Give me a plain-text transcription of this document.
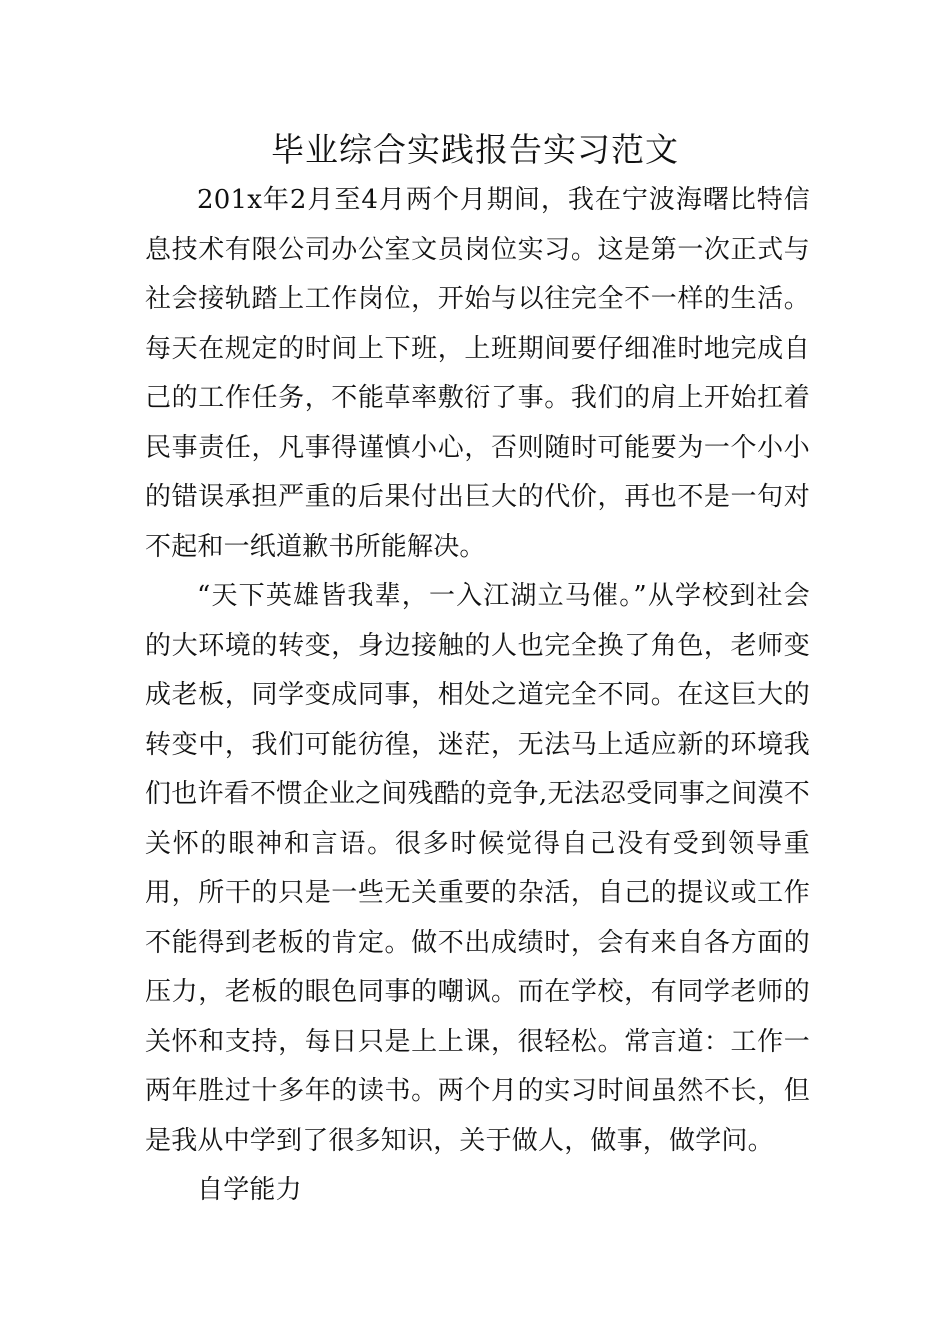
毕业综合实践报告实习范文

201x年2月至4月两个月期间，我在宁波海曙比特信息技术有限公司办公室文员岗位实习。这是第一次正式与社会接轨踏上工作岗位，开始与以往完全不一样的生活。每天在规定的时间上下班，上班期间要仔细准时地完成自己的工作任务，不能草率敷衍了事。我们的肩上开始扛着民事责任，凡事得谨慎小心，否则随时可能要为一个小小的错误承担严重的后果付出巨大的代价，再也不是一句对不起和一纸道歉书所能解决。

“天下英雄皆我辈，一入江湖立马催。”从学校到社会的大环境的转变，身边接触的人也完全换了角色，老师变成老板，同学变成同事，相处之道完全不同。在这巨大的转变中，我们可能彷徨，迷茫，无法马上适应新的环境我们也许看不惯企业之间残酷的竞争,无法忍受同事之间漠不关怀的眼神和言语。很多时候觉得自己没有受到领导重用，所干的只是一些无关重要的杂活，自己的提议或工作不能得到老板的肯定。做不出成绩时，会有来自各方面的压力，老板的眼色同事的嘲讽。而在学校，有同学老师的关怀和支持，每日只是上上课，很轻松。常言道：工作一两年胜过十多年的读书。两个月的实习时间虽然不长，但是我从中学到了很多知识，关于做人，做事，做学问。

自学能力
